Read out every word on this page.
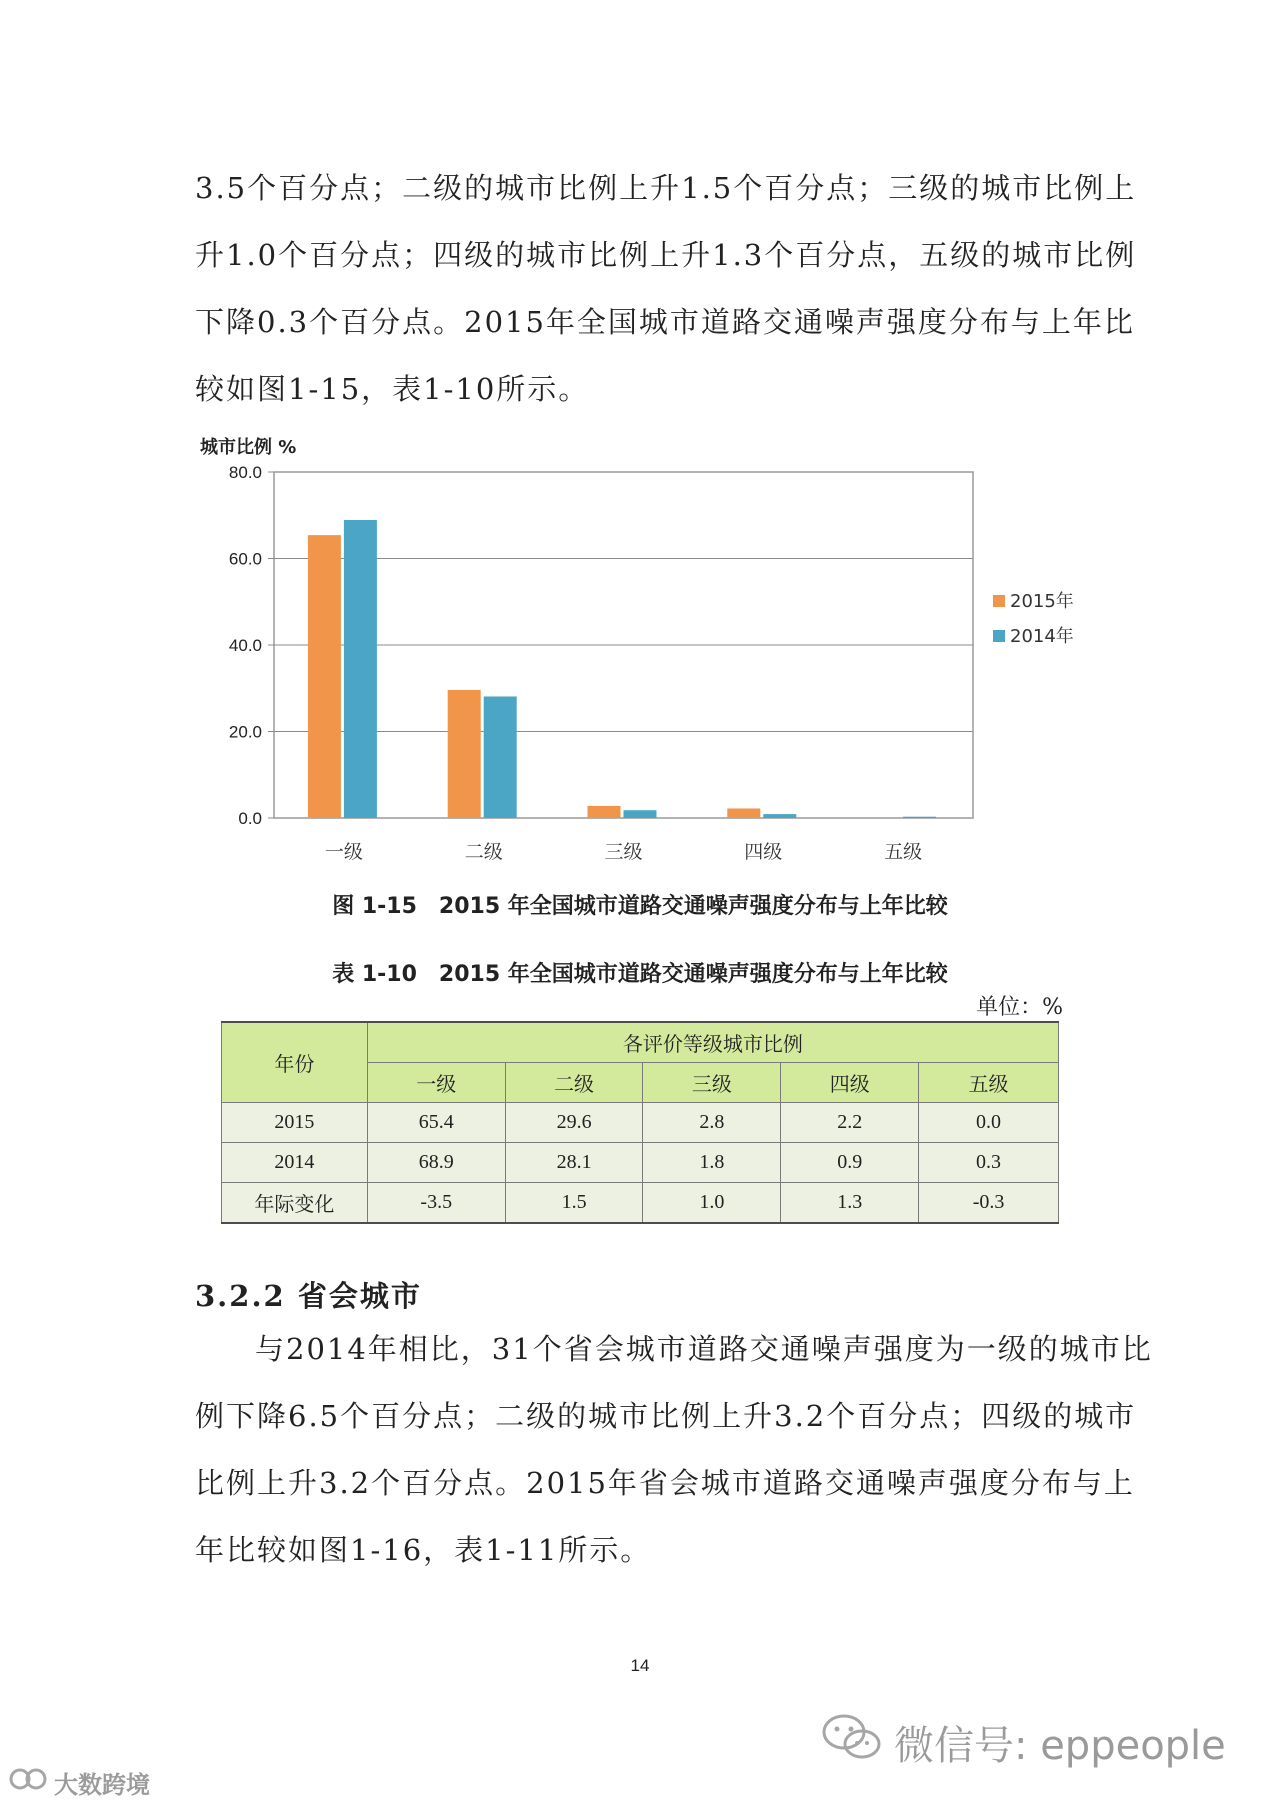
3.5个百分点；二级的城市比例上升1.5个百分点；三级的城市比例上
升1.0个百分点；四级的城市比例上升1.3个百分点，五级的城市比例
下降0.3个百分点。2015年全国城市道路交通噪声强度分布与上年比
较如图1-15，表1-10所示。
0.0
20.0
40.0
60.0
80.0
城市比例 %
一级	二级	三级	四级	五级
2015年
2014年

图 1-15　2015 年全国城市道路交通噪声强度分布与上年比较

表 1-10　2015 年全国城市道路交通噪声强度分布与上年比较

单位：%
年份	各评价等级城市比例				
	一级	二级	三级	四级	五级
2015	65.4	29.6	2.8	2.2	0.0
2014	68.9	28.1	1.8	0.9	0.3
年际变化	-3.5	1.5	1.0	1.3	-0.3
3.2.2 省会城市
与2014年相比，31个省会城市道路交通噪声强度为一级的城市比
例下降6.5个百分点；二级的城市比例上升3.2个百分点；四级的城市
比例上升3.2个百分点。2015年省会城市道路交通噪声强度分布与上
年比较如图1-16，表1-11所示。
14
微信号: eppeople
大数跨境
